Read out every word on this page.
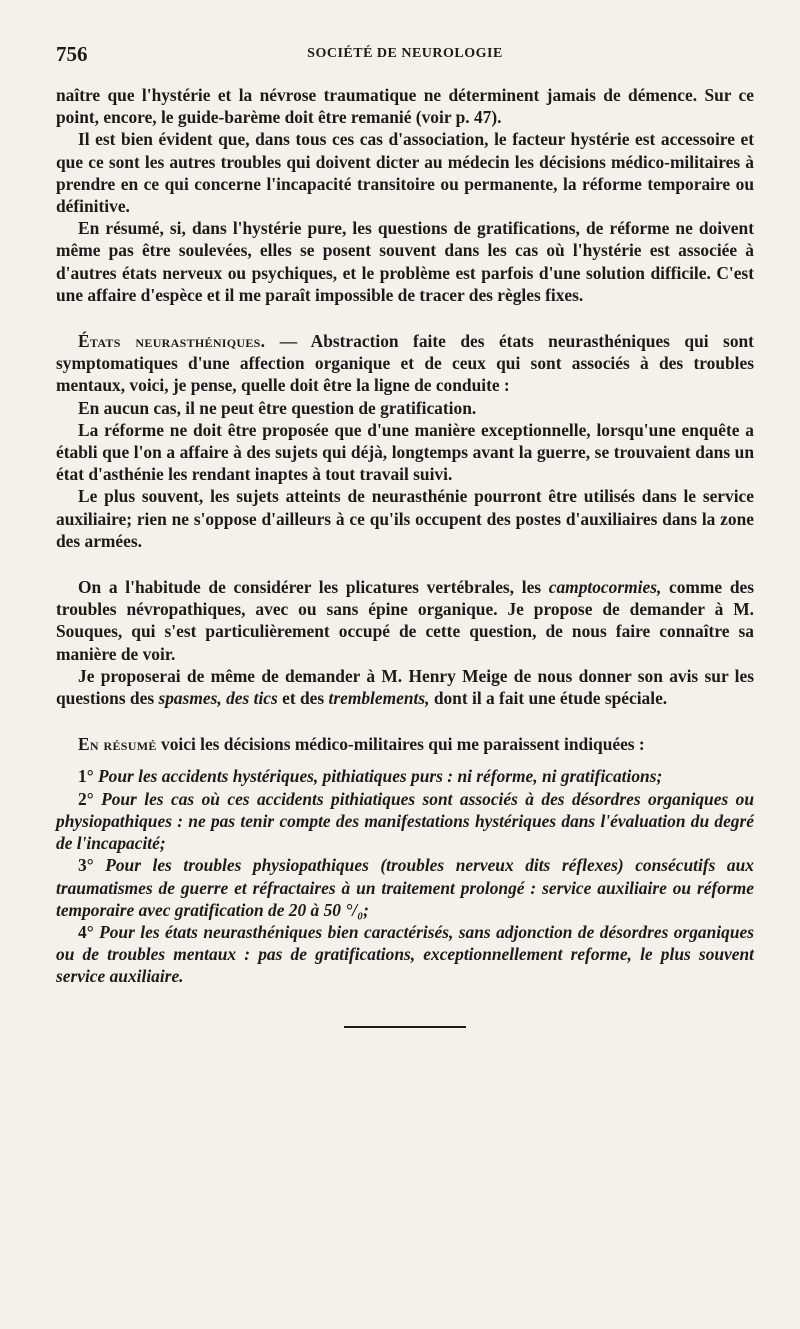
756	SOCIÉTÉ DE NEUROLOGIE

naître que l'hystérie et la névrose traumatique ne déterminent jamais de démence. Sur ce point, encore, le guide-barème doit être remanié (voir p. 47).

Il est bien évident que, dans tous ces cas d'association, le facteur hystérie est accessoire et que ce sont les autres troubles qui doivent dicter au médecin les décisions médico-militaires à prendre en ce qui concerne l'incapacité transitoire ou permanente, la réforme temporaire ou définitive.

En résumé, si, dans l'hystérie pure, les questions de gratifications, de réforme ne doivent même pas être soulevées, elles se posent souvent dans les cas où l'hystérie est associée à d'autres états nerveux ou psychiques, et le problème est parfois d'une solution difficile. C'est une affaire d'espèce et il me paraît impossible de tracer des règles fixes.

États neurasthéniques. — Abstraction faite des états neurasthéniques qui sont symptomatiques d'une affection organique et de ceux qui sont associés à des troubles mentaux, voici, je pense, quelle doit être la ligne de conduite :

En aucun cas, il ne peut être question de gratification.

La réforme ne doit être proposée que d'une manière exceptionnelle, lorsqu'une enquête a établi que l'on a affaire à des sujets qui déjà, longtemps avant la guerre, se trouvaient dans un état d'asthénie les rendant inaptes à tout travail suivi.

Le plus souvent, les sujets atteints de neurasthénie pourront être utilisés dans le service auxiliaire; rien ne s'oppose d'ailleurs à ce qu'ils occupent des postes d'auxiliaires dans la zone des armées.

On a l'habitude de considérer les plicatures vertébrales, les camptocormies, comme des troubles névropathiques, avec ou sans épine organique. Je propose de demander à M. Souques, qui s'est particulièrement occupé de cette question, de nous faire connaître sa manière de voir.

Je proposerai de même de demander à M. Henry Meige de nous donner son avis sur les questions des spasmes, des tics et des tremblements, dont il a fait une étude spéciale.

En résumé voici les décisions médico-militaires qui me paraissent indiquées :

1° Pour les accidents hystériques, pithiatiques purs : ni réforme, ni gratifications;

2° Pour les cas où ces accidents pithiatiques sont associés à des désordres organiques ou physiopathiques : ne pas tenir compte des manifestations hystériques dans l'évaluation du degré de l'incapacité;

3° Pour les troubles physiopathiques (troubles nerveux dits réflexes) consécutifs aux traumatismes de guerre et réfractaires à un traitement prolongé : service auxiliaire ou réforme temporaire avec gratification de 20 à 50 °/₀;

4° Pour les états neurasthéniques bien caractérisés, sans adjonction de désordres organiques ou de troubles mentaux : pas de gratifications, exceptionnellement reforme, le plus souvent service auxiliaire.
